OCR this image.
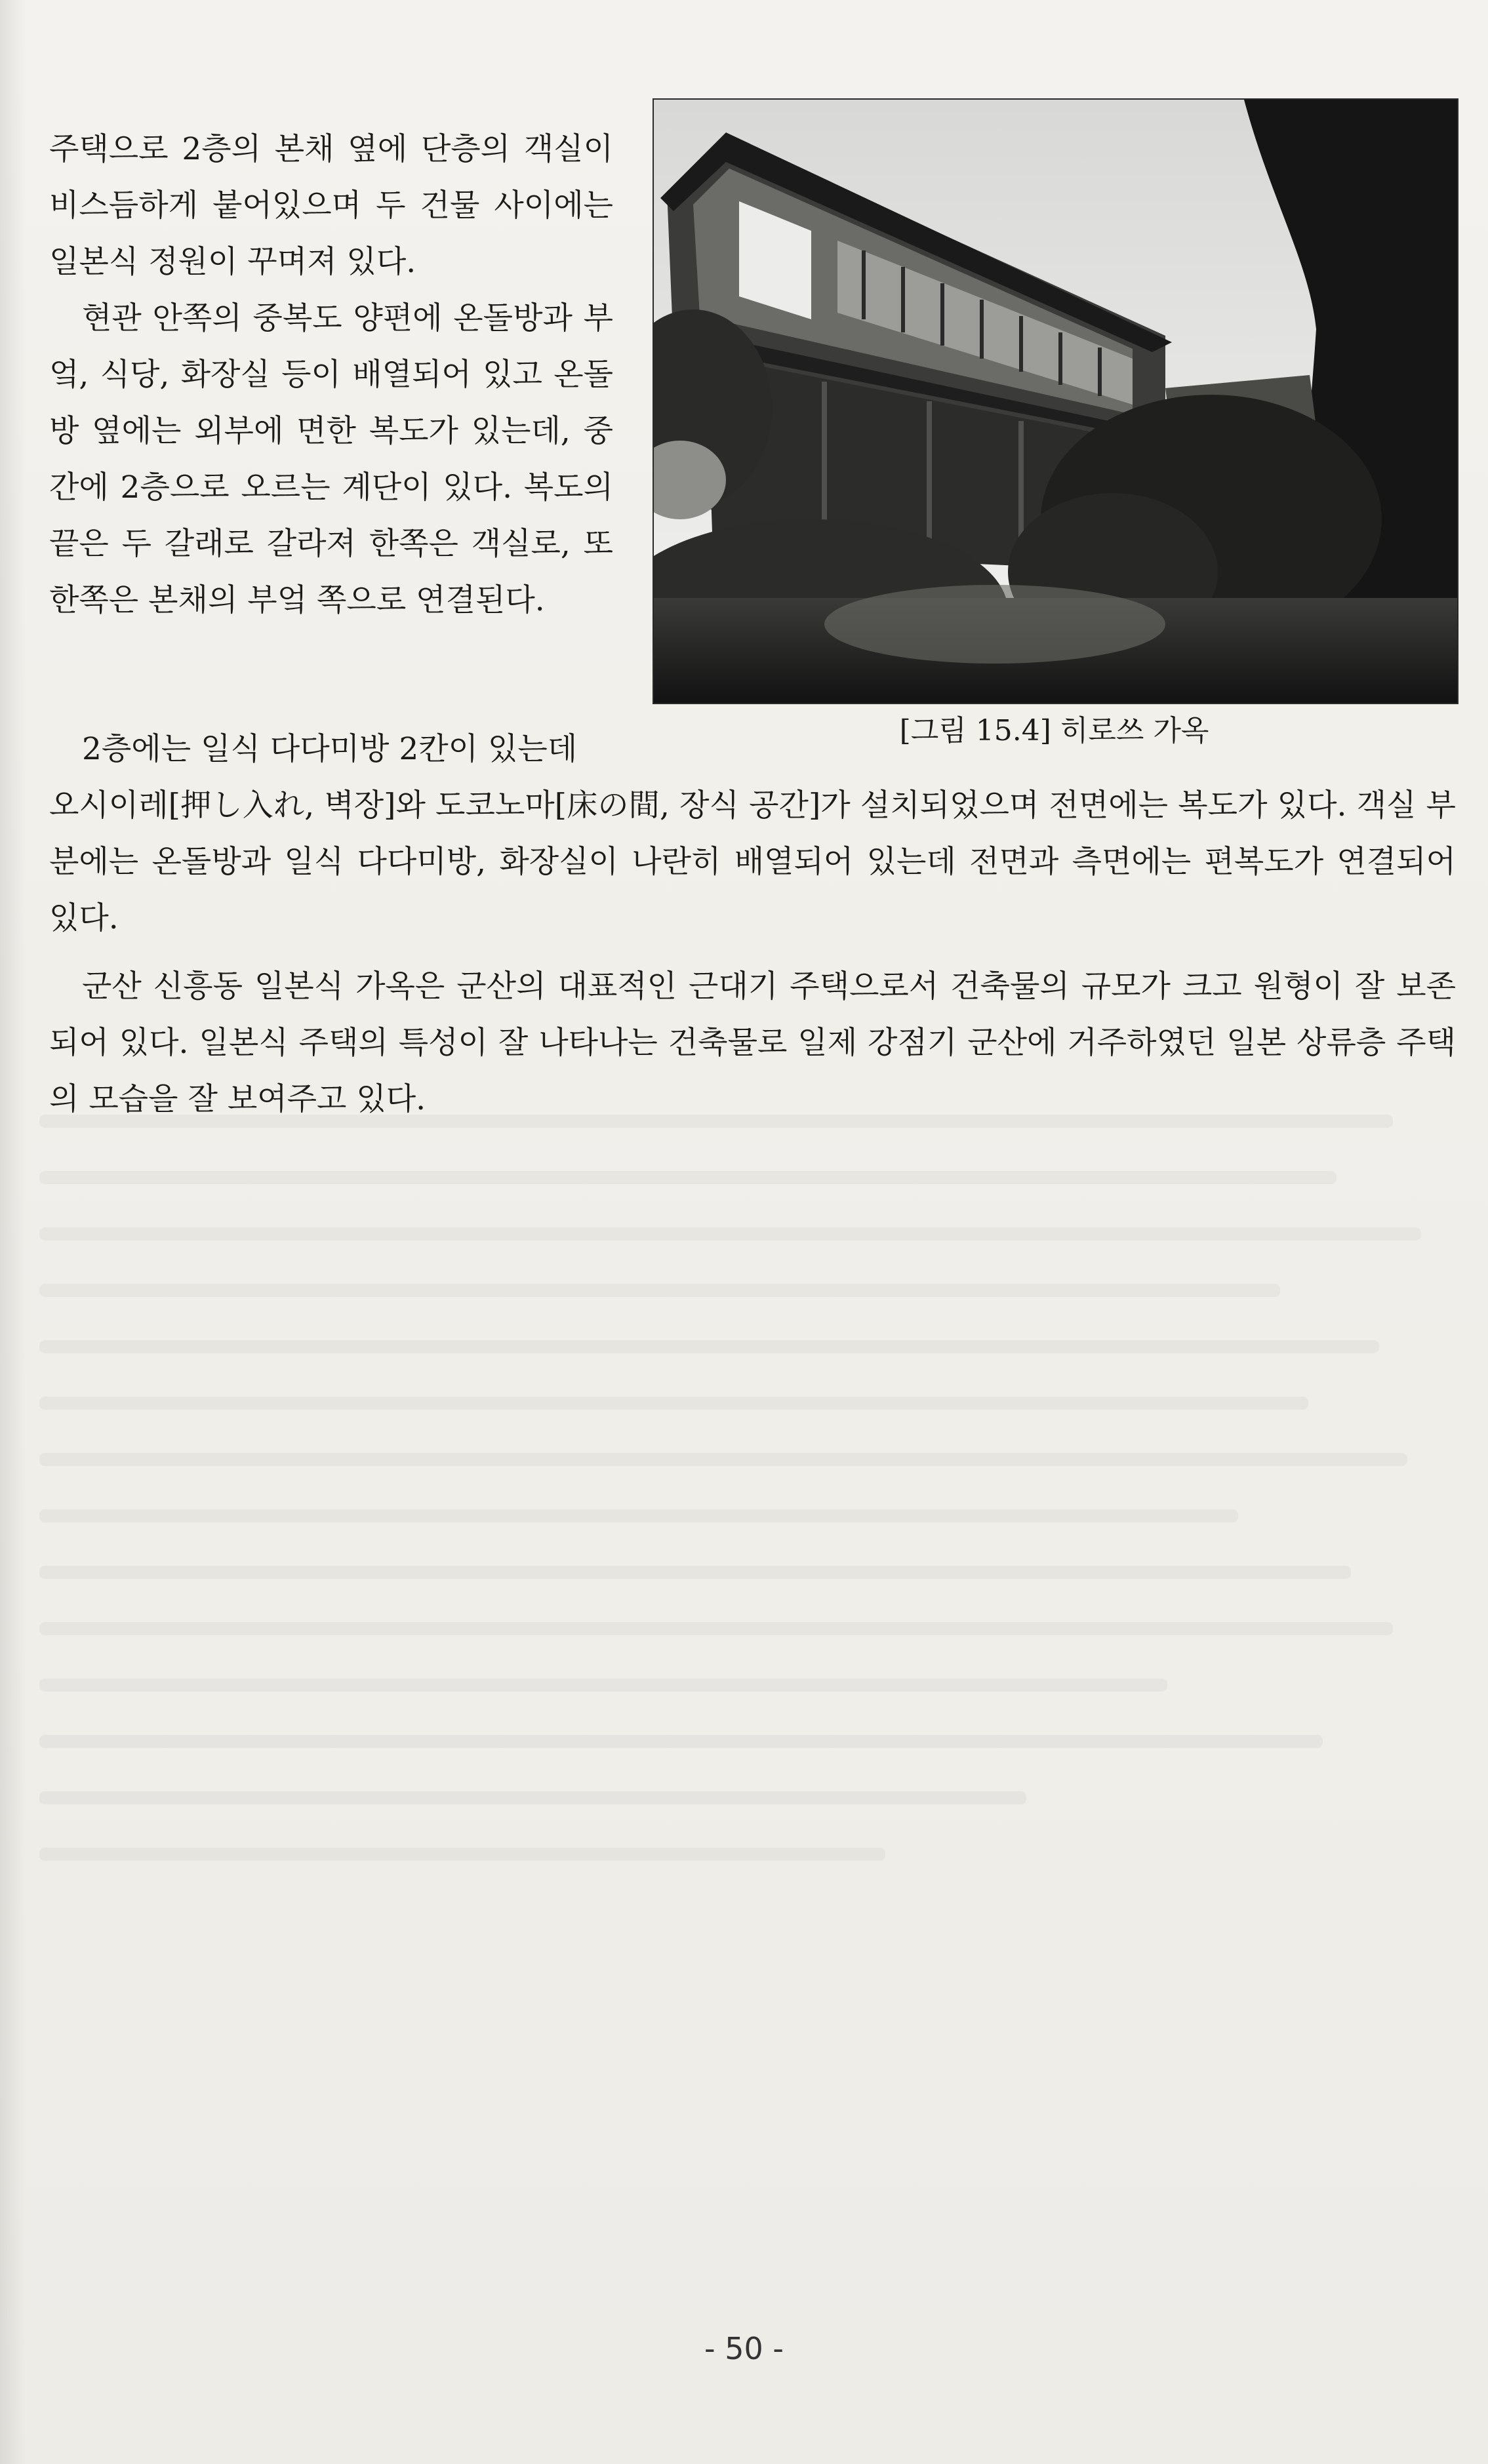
주택으로 2층의 본채 옆에 단층의 객실이 비스듬하게 붙어있으며 두 건물 사이에는 일본식 정원이 꾸며져 있다.

현관 안쪽의 중복도 양편에 온돌방과 부엌, 식당, 화장실 등이 배열되어 있고 온돌방 옆에는 외부에 면한 복도가 있는데, 중간에 2층으로 오르는 계단이 있다. 복도의 끝은 두 갈래로 갈라져 한쪽은 객실로, 또 한쪽은 본채의 부엌 쪽으로 연결된다.

[그림 15.4] 히로쓰 가옥

2층에는 일식 다다미방 2칸이 있는데
오시이레[押し入れ, 벽장]와 도코노마[床の間, 장식 공간]가 설치되었으며 전면에는 복도가 있다. 객실 부분에는 온돌방과 일식 다다미방, 화장실이 나란히 배열되어 있는데 전면과 측면에는 편복도가 연결되어 있다.

군산 신흥동 일본식 가옥은 군산의 대표적인 근대기 주택으로서 건축물의 규모가 크고 원형이 잘 보존되어 있다. 일본식 주택의 특성이 잘 나타나는 건축물로 일제 강점기 군산에 거주하였던 일본 상류층 주택의 모습을 잘 보여주고 있다.

- 50 -
